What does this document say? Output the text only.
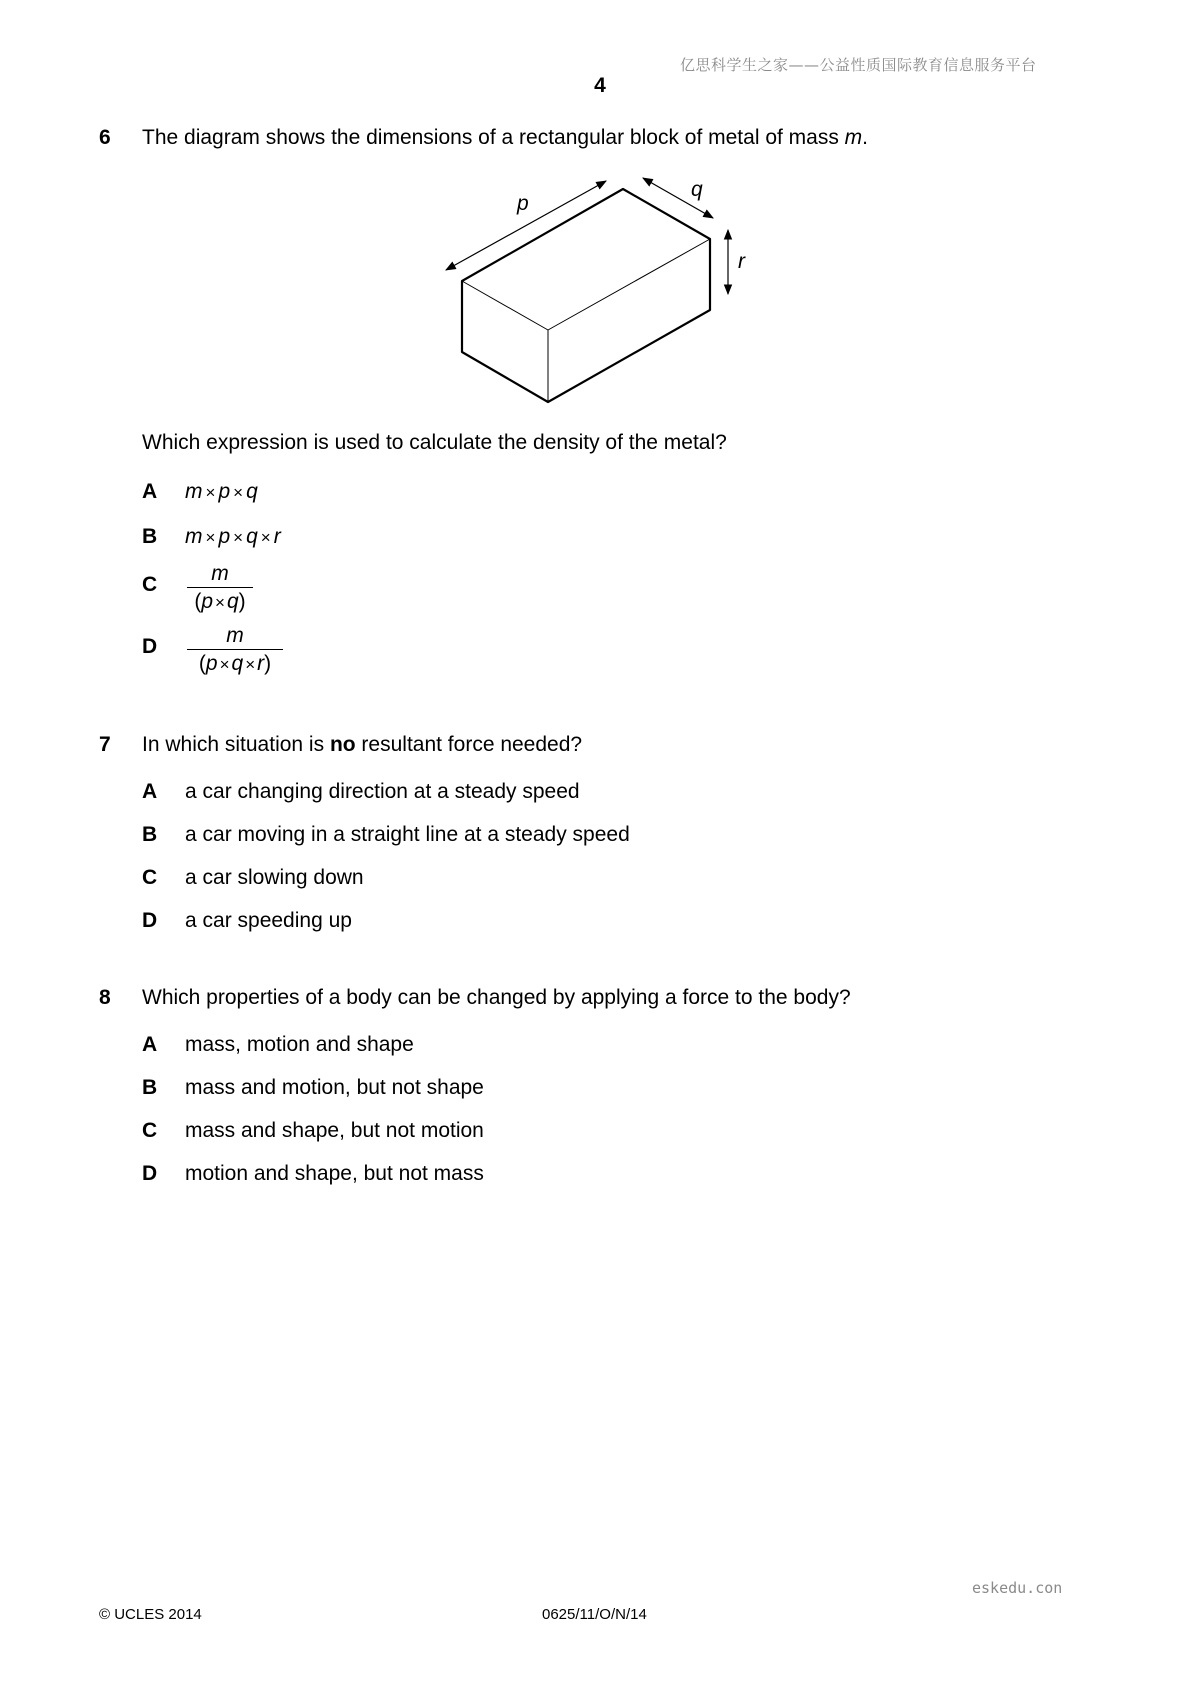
亿思科学生之家——公益性质国际教育信息服务平台
4
6 The diagram shows the dimensions of a rectangular block of metal of mass m.
p
q
r
Which expression is used to calculate the density of the metal?
A m × p × q
B m × p × q × r
C	m
(p ×q)
D	m
(p ×q ×r)
7 In which situation is no resultant force needed?
A a car changing direction at a steady speed
B a car moving in a straight line at a steady speed
C a car slowing down
D a car speeding up
8 Which properties of a body can be changed by applying a force to the body?
A mass, motion and shape
B mass and motion, but not shape
C mass and shape, but not motion
D motion and shape, but not mass
eskedu.con
© UCLES 2014	0625/11/O/N/14
